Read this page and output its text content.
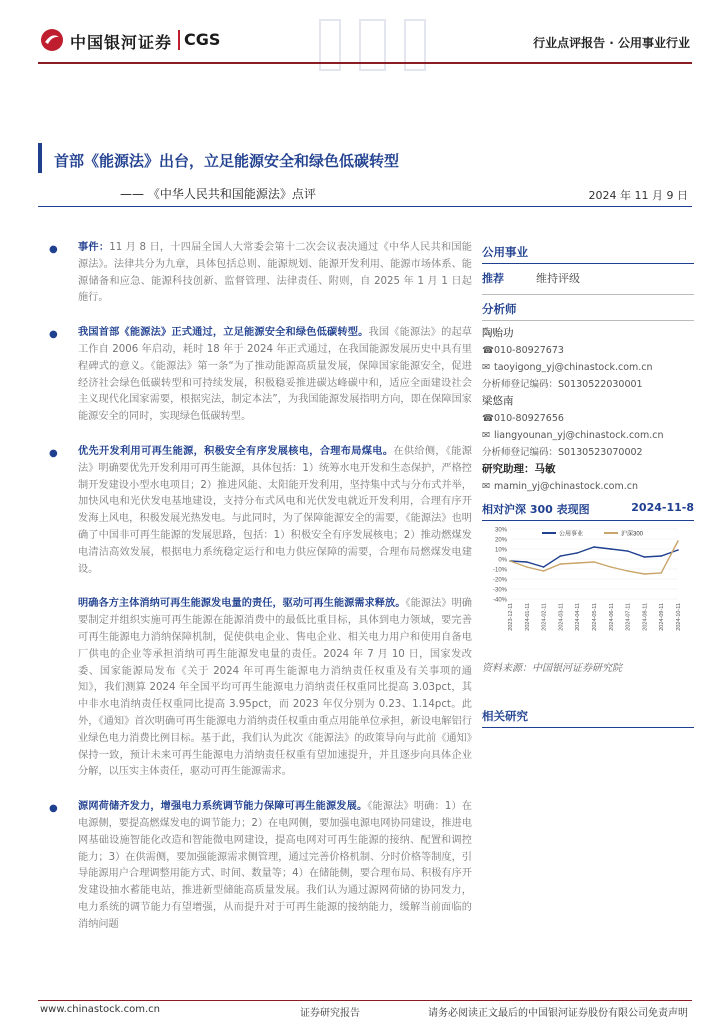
中国银河证券 CGS	行业点评报告 · 公用事业行业
首部《能源法》出台，立足能源安全和绿色低碳转型
—— 《中华人民共和国能源法》点评	2024 年 11 月 9 日
● 事件：11 月 8 日，十四届全国人大常委会第十二次会议表决通过《中华人民共和国能源法》。法律共分为九章，具体包括总则、能源规划、能源开发利用、能源市场体系、能源储备和应急、能源科技创新、监督管理、法律责任、附则，自 2025 年 1 月 1 日起施行。
● 我国首部《能源法》正式通过，立足能源安全和绿色低碳转型。我国《能源法》的起草工作自 2006 年启动，耗时 18 年于 2024 年正式通过，在我国能源发展历史中具有里程碑式的意义。《能源法》第一条“为了推动能源高质量发展，保障国家能源安全，促进经济社会绿色低碳转型和可持续发展，积极稳妥推进碳达峰碳中和，适应全面建设社会主义现代化国家需要，根据宪法，制定本法”，为我国能源发展指明方向，即在保障国家能源安全的同时，实现绿色低碳转型。
● 优先开发利用可再生能源，积极安全有序发展核电，合理布局煤电。在供给侧，《能源法》明确要优先开发利用可再生能源，具体包括：1）统筹水电开发和生态保护，严格控制开发建设小型水电项目；2）推进风能、太阳能开发利用，坚持集中式与分布式并举，加快风电和光伏发电基地建设，支持分布式风电和光伏发电就近开发利用，合理有序开发海上风电，积极发展光热发电。与此同时，为了保障能源安全的需要，《能源法》也明确了中国非可再生能源的发展思路，包括：1）积极安全有序发展核电；2）推动燃煤发电清洁高效发展，根据电力系统稳定运行和电力供应保障的需要，合理布局燃煤发电建设。
明确各方主体消纳可再生能源发电量的责任，驱动可再生能源需求释放。《能源法》明确要制定并组织实施可再生能源在能源消费中的最低比重目标，具体到电力领域，要完善可再生能源电力消纳保障机制，促使供电企业、售电企业、相关电力用户和使用自备电厂供电的企业等承担消纳可再生能源发电量的责任。2024 年 7 月 10 日，国家发改委、国家能源局发布《关于 2024 年可再生能源电力消纳责任权重及有关事项的通知》，我们测算 2024 年全国平均可再生能源电力消纳责任权重同比提高 3.03pct，其中非水电消纳责任权重同比提高 3.95pct，而 2023 年仅分别为 0.23、1.14pct。此外，《通知》首次明确可再生能源电力消纳责任权重由重点用能单位承担，新设电解铝行业绿色电力消费比例目标。基于此，我们认为此次《能源法》的政策导向与此前《通知》保持一致，预计未来可再生能源电力消纳责任权重有望加速提升，并且逐步向具体企业分解，以压实主体责任，驱动可再生能源需求。
● 源网荷储齐发力，增强电力系统调节能力保障可再生能源发展。《能源法》明确：1）在电源侧，要提高燃煤发电的调节能力；2）在电网侧，要加强电源电网协同建设，推进电网基础设施智能化改造和智能微电网建设，提高电网对可再生能源的接纳、配置和调控能力；3）在供需侧，要加强能源需求侧管理，通过完善价格机制、分时价格等制度，引导能源用户合理调整用能方式、时间、数量等；4）在储能侧，要合理布局、积极有序开发建设抽水蓄能电站，推进新型储能高质量发展。我们认为通过源网荷储的协同发力，电力系统的调节能力有望增强，从而提升对于可再生能源的接纳能力，缓解当前面临的消纳问题
公用事业
推荐	维持评级
分析师
陶贻功
☎010-80927673
✉ taoyigong_yj@chinastock.com.cn
分析师登记编码：S0130522030001
梁悠南
☎010-80927656
✉ liangyounan_yj@chinastock.com.cn
分析师登记编码：S0130523070002
研究助理：马敏
✉ mamin_yj@chinastock.com.cn
相对沪深 300 表现图	2024-11-8
30%
20%
10%
0%
-10%
-20%
-30%
-40%
2023-12-11 2024-01-11 2024-02-11 2024-03-11 2024-04-11 2024-05-11 2024-06-11 2024-07-11 2024-08-11 2024-09-11 2024-10-11
公用事业	沪深300
资料来源：中国银河证券研究院
相关研究
www.chinastock.com.cn	证券研究报告	请务必阅读正文最后的中国银河证券股份有限公司免责声明
